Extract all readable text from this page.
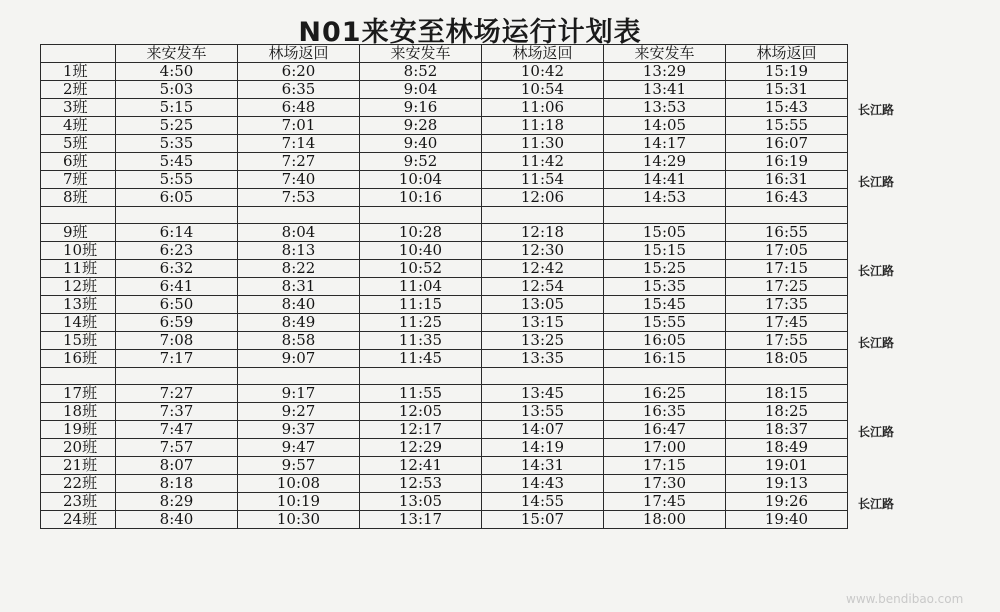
N01来安至林场运行计划表
	来安发车	林场返回	来安发车	林场返回	来安发车	林场返回
1班	4:50	6:20	8:52	10:42	13:29	15:19
2班	5:03	6:35	9:04	10:54	13:41	15:31
3班	5:15	6:48	9:16	11:06	13:53	15:43
4班	5:25	7:01	9:28	11:18	14:05	15:55
5班	5:35	7:14	9:40	11:30	14:17	16:07
6班	5:45	7:27	9:52	11:42	14:29	16:19
7班	5:55	7:40	10:04	11:54	14:41	16:31
8班	6:05	7:53	10:16	12:06	14:53	16:43

9班	6:14	8:04	10:28	12:18	15:05	16:55
10班	6:23	8:13	10:40	12:30	15:15	17:05
11班	6:32	8:22	10:52	12:42	15:25	17:15
12班	6:41	8:31	11:04	12:54	15:35	17:25
13班	6:50	8:40	11:15	13:05	15:45	17:35
14班	6:59	8:49	11:25	13:15	15:55	17:45
15班	7:08	8:58	11:35	13:25	16:05	17:55
16班	7:17	9:07	11:45	13:35	16:15	18:05

17班	7:27	9:17	11:55	13:45	16:25	18:15
18班	7:37	9:27	12:05	13:55	16:35	18:25
19班	7:47	9:37	12:17	14:07	16:47	18:37
20班	7:57	9:47	12:29	14:19	17:00	18:49
21班	8:07	9:57	12:41	14:31	17:15	19:01
22班	8:18	10:08	12:53	14:43	17:30	19:13
23班	8:29	10:19	13:05	14:55	17:45	19:26
24班	8:40	10:30	13:17	15:07	18:00	19:40
长江路
长江路
长江路
长江路
长江路
长江路
www.bendibao.com
